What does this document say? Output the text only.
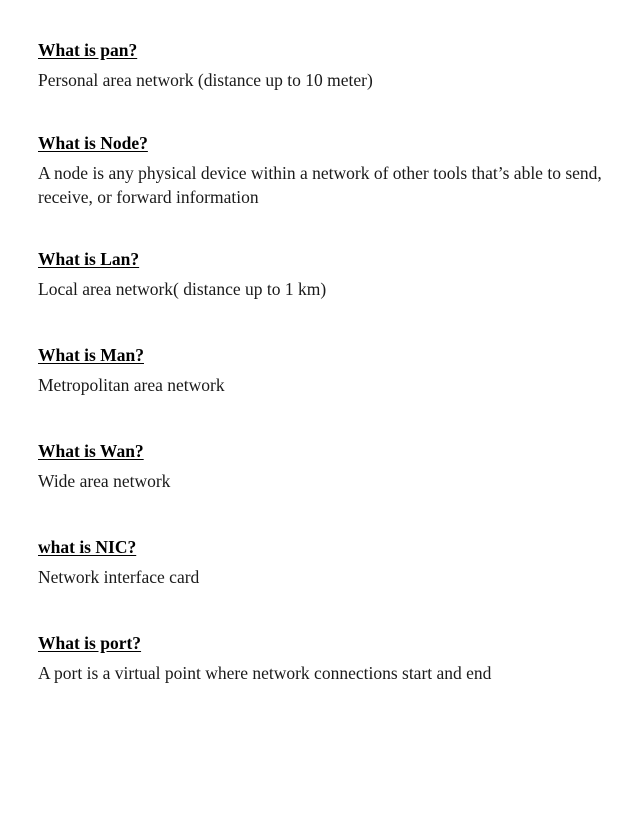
What is pan?

Personal area network (distance up to 10 meter)

What is Node?

A node is any physical device within a network of other tools that’s able to send, receive, or forward information

What is Lan?

Local area network( distance up to 1 km)

What is Man?

Metropolitan area network

What is Wan?

Wide area network

what is NIC?

Network interface card

What is port?

A port is a virtual point where network connections start and end
